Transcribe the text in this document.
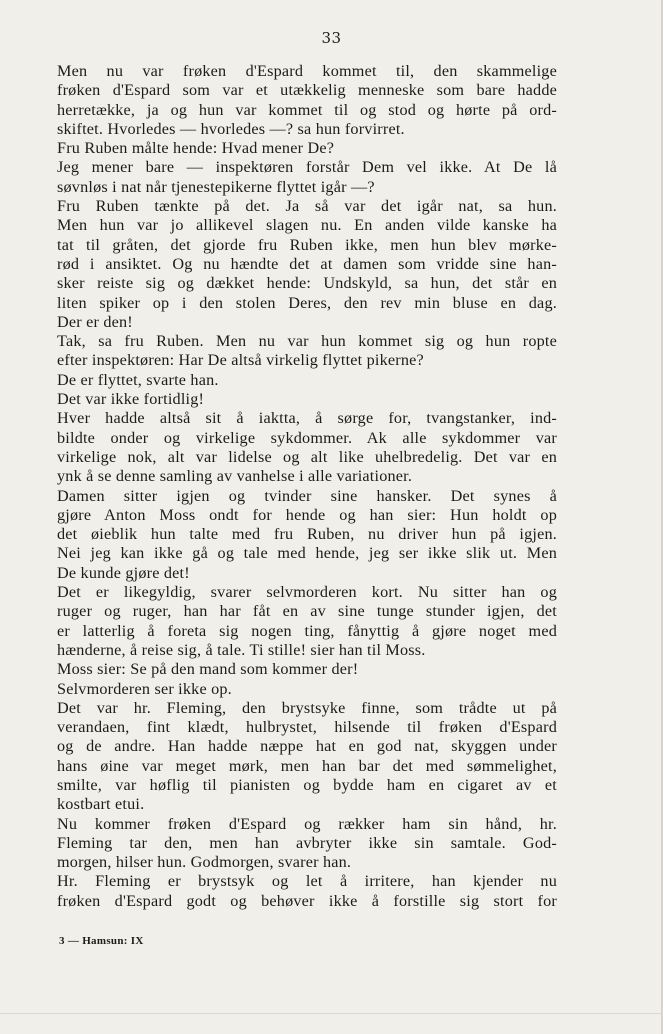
33
Men nu var frøken d'Espard kommet til, den skammelige
frøken d'Espard som var et utækkelig menneske som bare hadde
herretække, ja og hun var kommet til og stod og hørte på ord-
skiftet. Hvorledes — hvorledes —? sa hun forvirret.
Fru Ruben målte hende: Hvad mener De?
Jeg mener bare — inspektøren forstår Dem vel ikke. At De lå
søvnløs i nat når tjenestepikerne flyttet igår —?
Fru Ruben tænkte på det. Ja så var det igår nat, sa hun.
Men hun var jo allikevel slagen nu. En anden vilde kanske ha
tat til gråten, det gjorde fru Ruben ikke, men hun blev mørke-
rød i ansiktet. Og nu hændte det at damen som vridde sine han-
sker reiste sig og dækket hende: Undskyld, sa hun, det står en
liten spiker op i den stolen Deres, den rev min bluse en dag.
Der er den!
Tak, sa fru Ruben. Men nu var hun kommet sig og hun ropte
efter inspektøren: Har De altså virkelig flyttet pikerne?
De er flyttet, svarte han.
Det var ikke fortidlig!
Hver hadde altså sit å iaktta, å sørge for, tvangstanker, ind-
bildte onder og virkelige sykdommer. Ak alle sykdommer var
virkelige nok, alt var lidelse og alt like uhelbredelig. Det var en
ynk å se denne samling av vanhelse i alle variationer.
Damen sitter igjen og tvinder sine hansker. Det synes å
gjøre Anton Moss ondt for hende og han sier: Hun holdt op
det øieblik hun talte med fru Ruben, nu driver hun på igjen.
Nei jeg kan ikke gå og tale med hende, jeg ser ikke slik ut. Men
De kunde gjøre det!
Det er likegyldig, svarer selvmorderen kort. Nu sitter han og
ruger og ruger, han har fåt en av sine tunge stunder igjen, det
er latterlig å foreta sig nogen ting, fånyttig å gjøre noget med
hænderne, å reise sig, å tale. Ti stille! sier han til Moss.
Moss sier: Se på den mand som kommer der!
Selvmorderen ser ikke op.
Det var hr. Fleming, den brystsyke finne, som trådte ut på
verandaen, fint klædt, hulbrystet, hilsende til frøken d'Espard
og de andre. Han hadde næppe hat en god nat, skyggen under
hans øine var meget mørk, men han bar det med sømmelighet,
smilte, var høflig til pianisten og bydde ham en cigaret av et
kostbart etui.
Nu kommer frøken d'Espard og rækker ham sin hånd, hr.
Fleming tar den, men han avbryter ikke sin samtale. God-
morgen, hilser hun. Godmorgen, svarer han.
Hr. Fleming er brystsyk og let å irritere, han kjender nu
frøken d'Espard godt og behøver ikke å forstille sig stort for
3 — Hamsun: IX
